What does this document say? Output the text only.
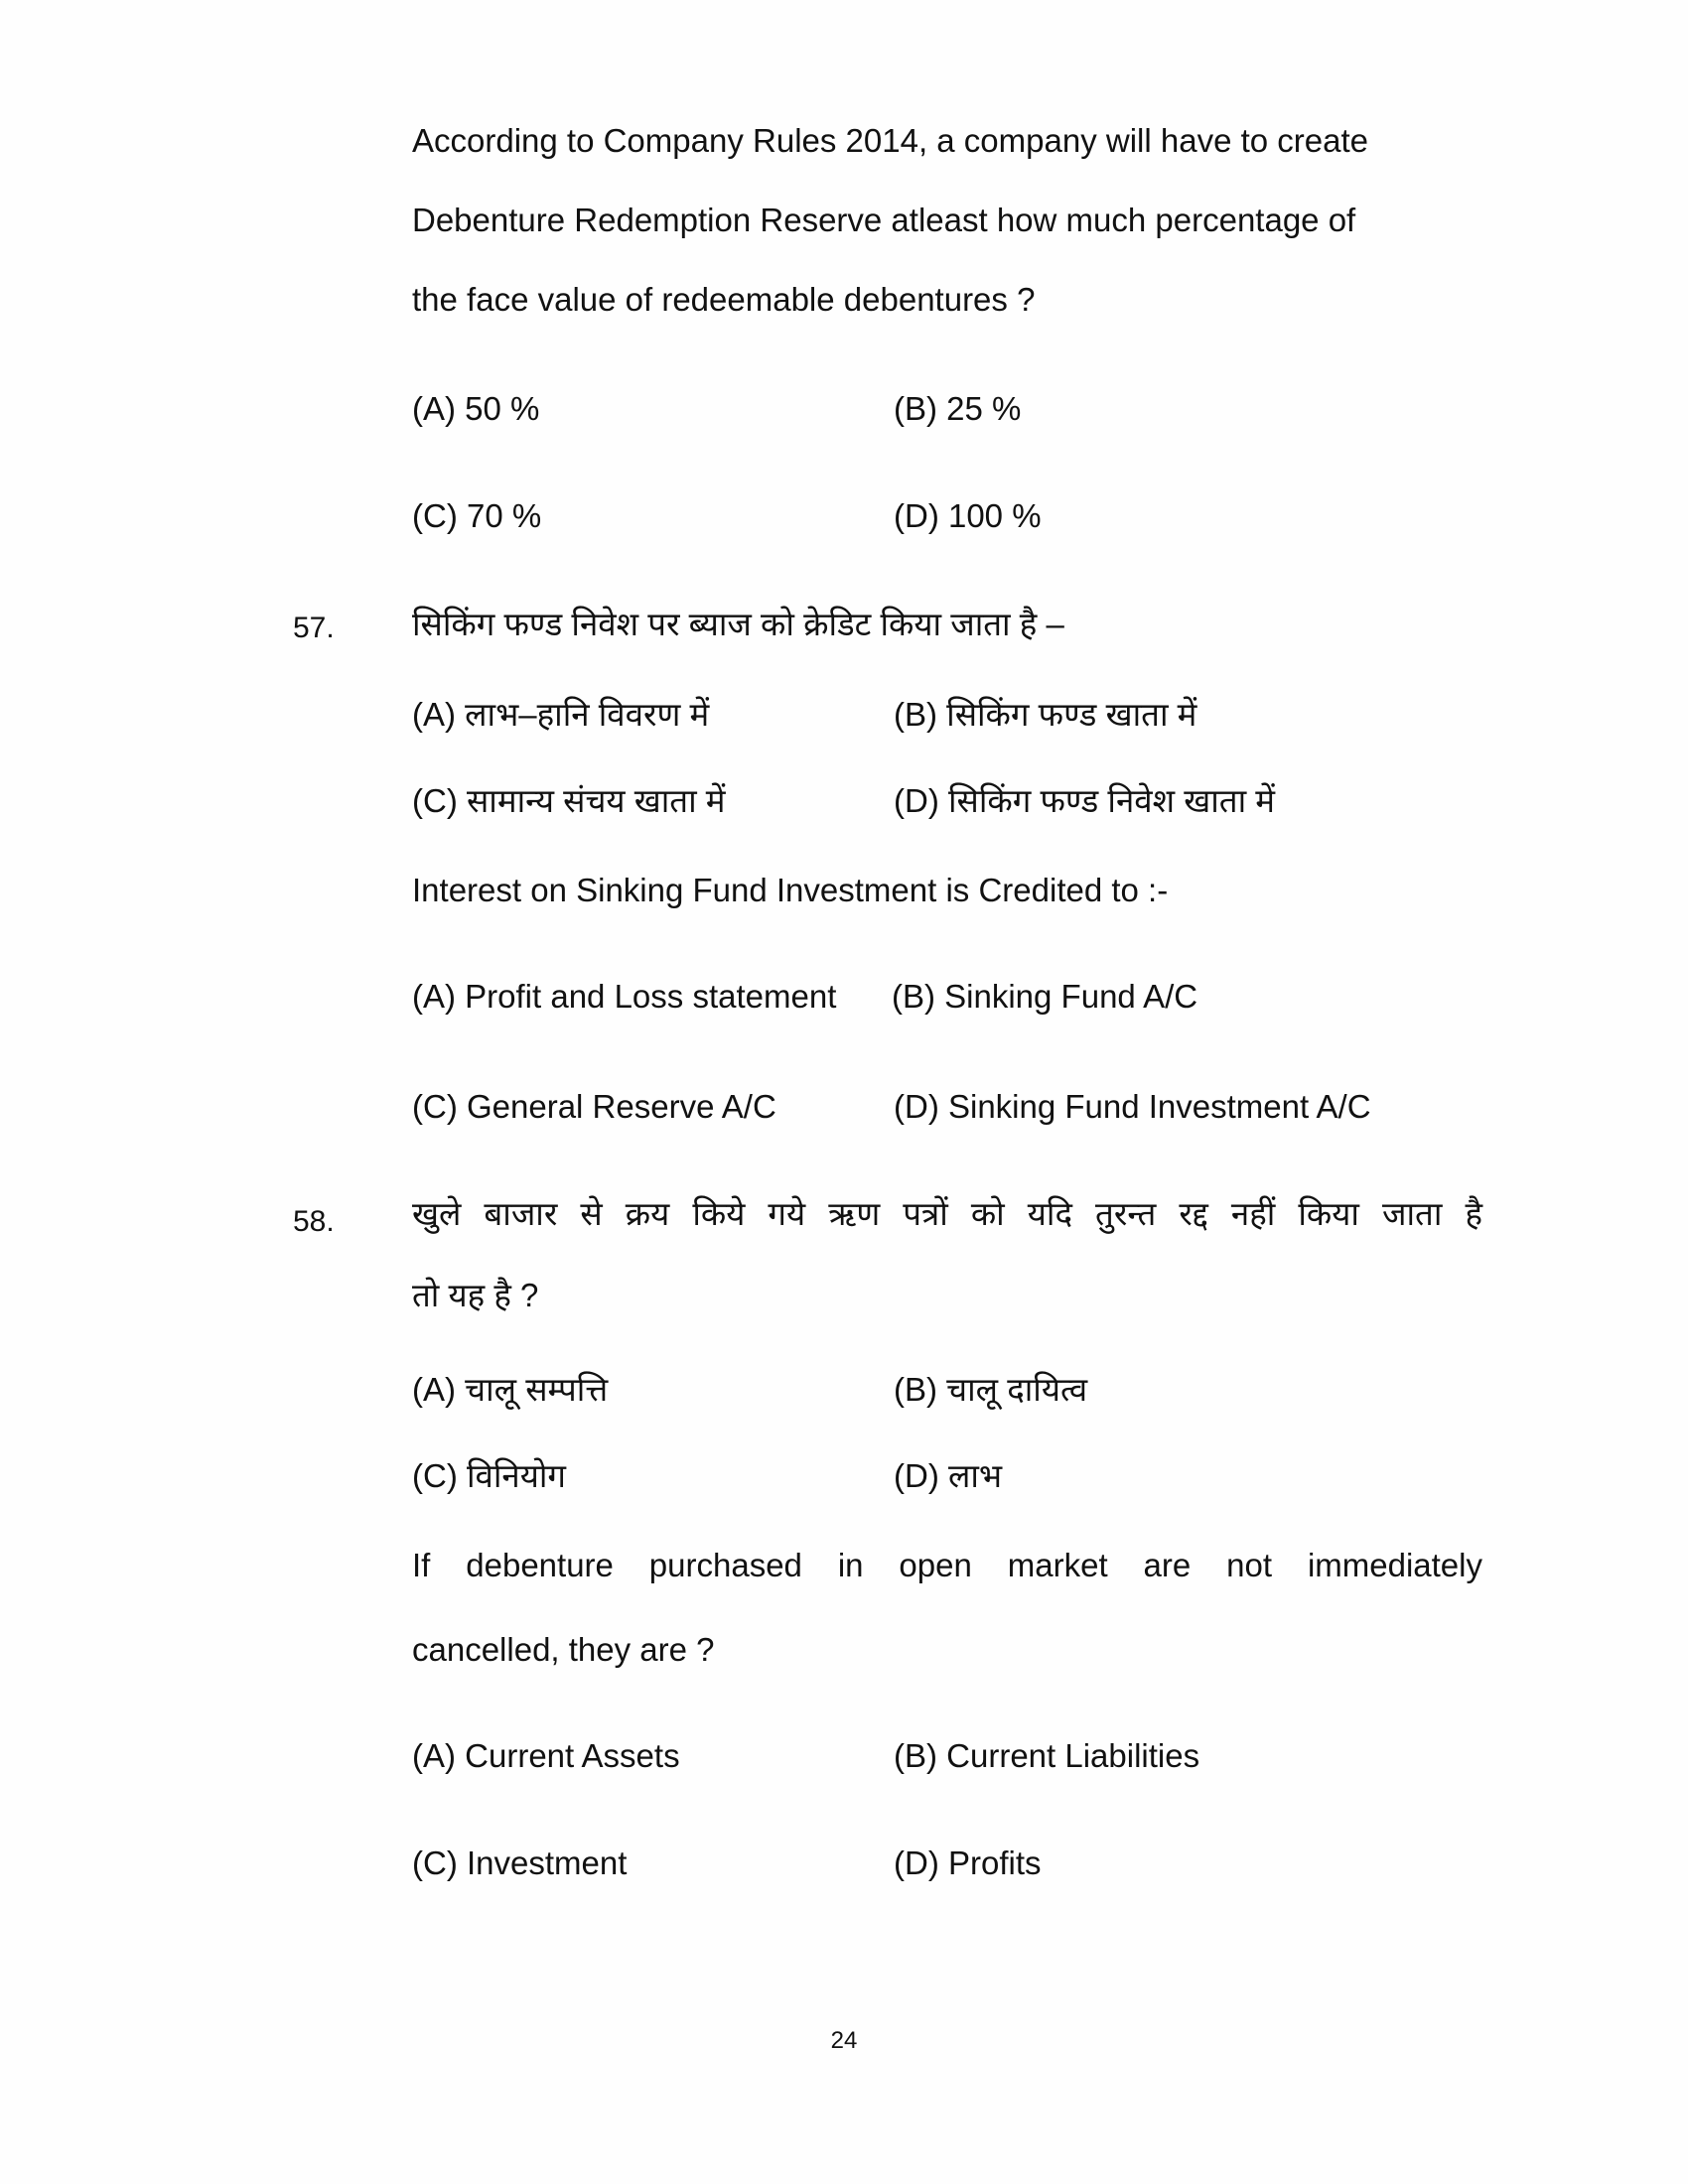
According to Company Rules 2014, a company will have to create
Debenture Redemption Reserve atleast how much percentage of
the face value of redeemable debentures ?
(A) 50 %	(B) 25 %
(C) 70 %	(D) 100 %
57.	सिकिंग फण्ड निवेश पर ब्याज को क्रेडिट किया जाता है –
(A) लाभ–हानि विवरण में	(B) सिकिंग फण्ड खाता में
(C) सामान्य संचय खाता में	(D) सिकिंग फण्ड निवेश खाता में
Interest on Sinking Fund Investment is Credited to :-
(A) Profit and Loss statement (B) Sinking Fund A/C
(C) General Reserve A/C	(D) Sinking Fund Investment A/C
58.	खुले बाजार से क्रय किये गये ऋण पत्रों को यदि तुरन्त रद्द नहीं किया जाता है
तो यह है ?
(A) चालू सम्पत्ति	(B) चालू दायित्व
(C) विनियोग	(D) लाभ
If debenture purchased in open market are not immediately
cancelled, they are ?
(A) Current Assets	(B) Current Liabilities
(C) Investment	(D) Profits
24
